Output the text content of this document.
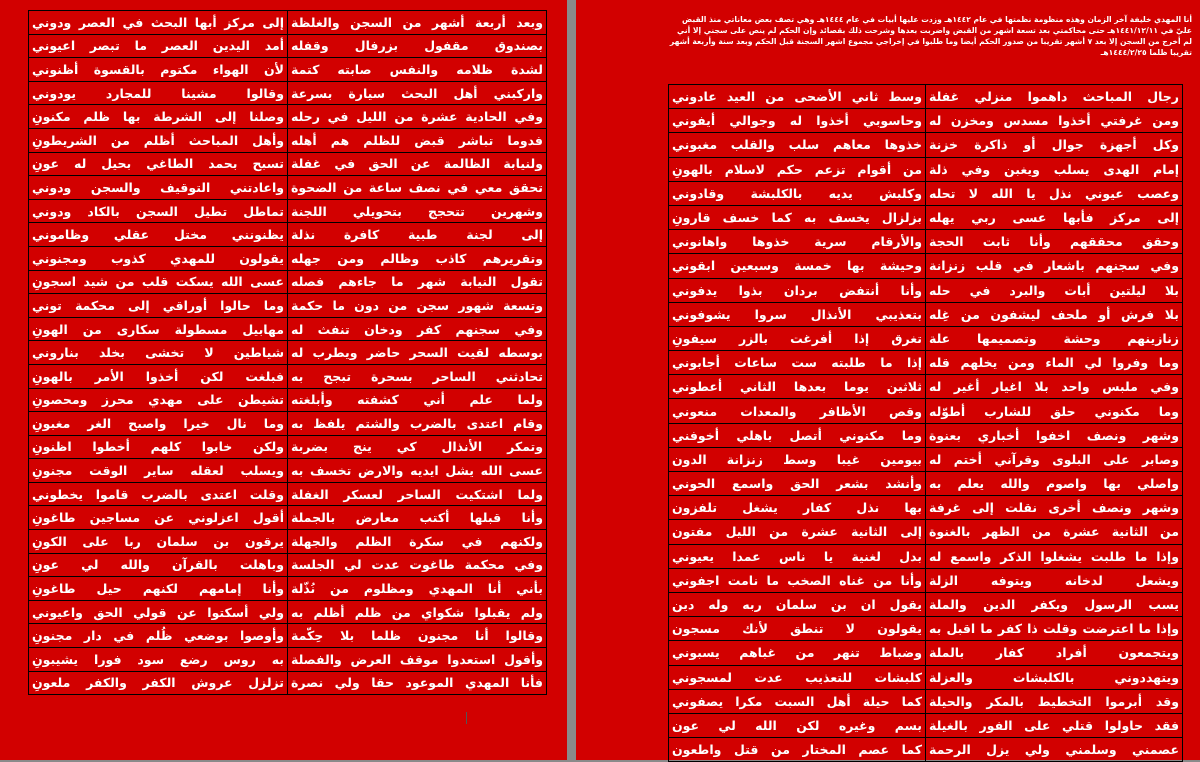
وبعد أربعة أشهر من السجن والغلظة	إلى مركز أبها البحث في العصر ودوني
بصندوق مقفول بزرفال وقفله	أمد اليدين العصر ما تبصر اعيوني
لشدة ظلامه والنفس صابته كتمة	لأن الهواء مكتوم بالقسوة أظنوني
واركبني أهل البحث سيارة بسرعة	وقالوا مشينا للمجارد يودوني
وفي الحادية عشرة من الليل في رحله	وصلنا إلى الشرطة بها ظلم مكنونِ
فدوما تباشر قبض للظلم هم أهله	وأهل المباحث أظلم من الشريطونِ
ولنيابة الظالمة عن الحق في غفلة	تسبح بحمد الطاغي بحيل له عونِ
تحقق معي في نصف ساعة من الضحوة	واعادتني التوقيف والسجن ودوني
وشهرين تتحجج بتحويلي اللجنة	تماطل تطيل السجن بالكاد ودوني
إلى لجنة طبية كافرة نذلة	يظنونني مختل عقلي وظاموني
وتقريرهم كاذب وظالم ومن جهله	يقولون للمهدي كذوب ومجنوني
تقول النيابة شهر ما جاءهم فصله	عسى الله يسكت قلب من شيد اسجونِ
وتسعة شهور سجن من دون ما حكمة	وما حالوا أوراقي إلى محكمة توني
وفي سجنهم كفر ودخان تنفث له	مهابيل مسطولة سكارى من الهونِ
بوسطه لقيت السحر حاضر ويطرب له	شياطين لا تخشى بخلد بناروني
تحادثني الساحر بسحرة تبجح به	فبلغت لكن أخذوا الأمر بالهونِ
ولما علم أني كشفته وأبلغته	تشيطن على مهدي محرز ومحصونِ
وقام اعتدى بالضرب والشتم يلفظ به	وما نال خيرا واصبح الغر مغبونِ
وتمكر الأنذال كي ينج بضربة	ولكن خابوا كلهم أخطوا اظنونِ
عسى الله يشل ايديه والارض تخسف به	ويسلب لعقله ساير الوقت مجنونِ
ولما اشتكيت الساحر لعسكر الغفلة	وقلت اعتدى بالضرب قاموا يخطوني
وأنا قبلها أكتب معارض بالجملة	أقول اعزلوني عن مساجين طاغونِ
ولكنهم في سكرة الظلم والجهلة	يرقون بن سلمان ربا على الكونِ
وفي محكمة طاغوت عدت لي الجلسة	وباهلت بالقرآن والله لي عونِ
بأني أنا المهدي ومظلوم من نُذّلة	وأنا إمامهم لكنهم حيل طاغونِ
ولم يقبلوا شكواي من ظلم أظلم به	ولي أسكتوا عن قولي الحق واعيوني
وقالوا أنا مجنون ظلما بلا حِكّمة	وأوصوا بوضعي ظُلم في دار مجنونِ
وأقول استعدوا موقف العرض والفصلة	به روس رضع سود فورا يشيبونِ
فأنا المهدي الموعود حقا ولي نصرة	تزلزل عروش الكفر والكفر ملعونِ
أنا المهدي خليفة آخر الزمان وهذه منظومة نظمتها في عام ١٤٤٢هـ وزدت عليها أبيات في عام ١٤٤٤هـ وهي تصف بعض معاناتي منذ القبض عليّ في ١٤٤١/١٢/١١هـ حتى محاكمتي بعد تسعة اشهر من القبض واضربت بعدها وشرحت ذلك بقصائد وإن الحكم لم ينص على سجني إلا أني لم أخرج من السجن إلا بعد ٧ أشهر تقريبا من صدور الحكم أيضا وما طلبوا في إخراجي مجموع اشهر السجنة قبل الحكم وبعد سنة وأربعة أشهر تقريبا ظلما ١٤٤٤/٢/٢٥هـ
رجال المباحث داهموا منزلي غفلة	وسط ثاني الأضحى من العيد عادوني
ومن غرفتي أخذوا مسدس ومخزن له	وحاسوبي أخذوا له وجوالي أيفوني
وكل أجهزة جوال أو ذاكرة خزنة	خذوها معاهم سلب والقلب مغبوني
إمام الهدى يسلب ويغبن وفي ذلة	من أقوام تزعم حكم لاسلام بالهونِ
وعصب عيوني نذل يا الله لا تحله	وكلبش يديه بالكلبشة وقادوني
إلى مركز فأبها عسى ربي يهله	بزلزال يخسف به كما خسف قارونِ
وحقق محققهم وأنا ثابت الحجة	والأرقام سرية خذوها واهانوني
وفي سجنهم باشعار في قلب زنزانة	وحيشة بها خمسة وسبعين ابقوني
بلا ليلتين أبات والبرد في حله	وأنا أنتفض بردان بذوا يدفوني
بلا فرش أو ملحف ليشفون من غِله	بتعذيبي الأنذال سروا يشوفوني
زنازينهم وحشة وتصميمها علة	تغرق إذا أفرغت بالزر سيفونِ
وما وفروا لي الماء ومن يخلهم قله	إذا ما طلبته ست ساعات أجابوني
وفي ملبس واحد بلا اغيار أغير له	ثلاثين يوما بعدها الثاني أعطوني
وما مكنوني حلق للشارب أطوّله	وقص الأظافر والمعدات منعوني
وشهر ونصف اخفوا أخباري بعنوة	وما مكنوني أتصل باهلي أخوفني
وصابر على البلوى وقرآني أختم له	بيومين غيبا وسط زنزانة الدون
واصلي بها واصوم والله يعلم به	وأنشد بشعر الحق واسمع الحوني
وشهر ونصف أخرى نقلت إلى غرفة	بها نذل كفار يشغل تلفزون
من الثانية عشرة من الظهر بالغنوة	إلى الثانية عشرة من الليل مفتون
وإذا ما طلبت يشغلوا الذكر واسمع له	بدل لغنية يا ناس عمدا يعيوني
ويشعل لدخانه ويتوفه الزلة	وأنا من غناه الصخب ما نامت اجفوني
يسب الرسول ويكفر الدين والملة	يقول ان بن سلمان ربه وله دين
وإذا ما اعترضت وقلت ذا كفر ما اقبل به	يقولون لا تنطق لأنك مسجون
ويتجمعون أفراد كفار بالملة	وضباط تنهر من غباهم يسبوني
ويتهددوني بالكلبشات والعزلة	كلبشات للتعذيب عدت لمسجوني
وقد أبرموا التخطيط بالمكر والحيلة	كما حيلة أهل السبت مكرا يصفوني
فقد حاولوا قتلي على الفور بالغيلة	بسم وغيره لكن الله لي عون
عصمني وسلمني ولي يزل الرحمة	كما عصم المختار من قتل واطعون
